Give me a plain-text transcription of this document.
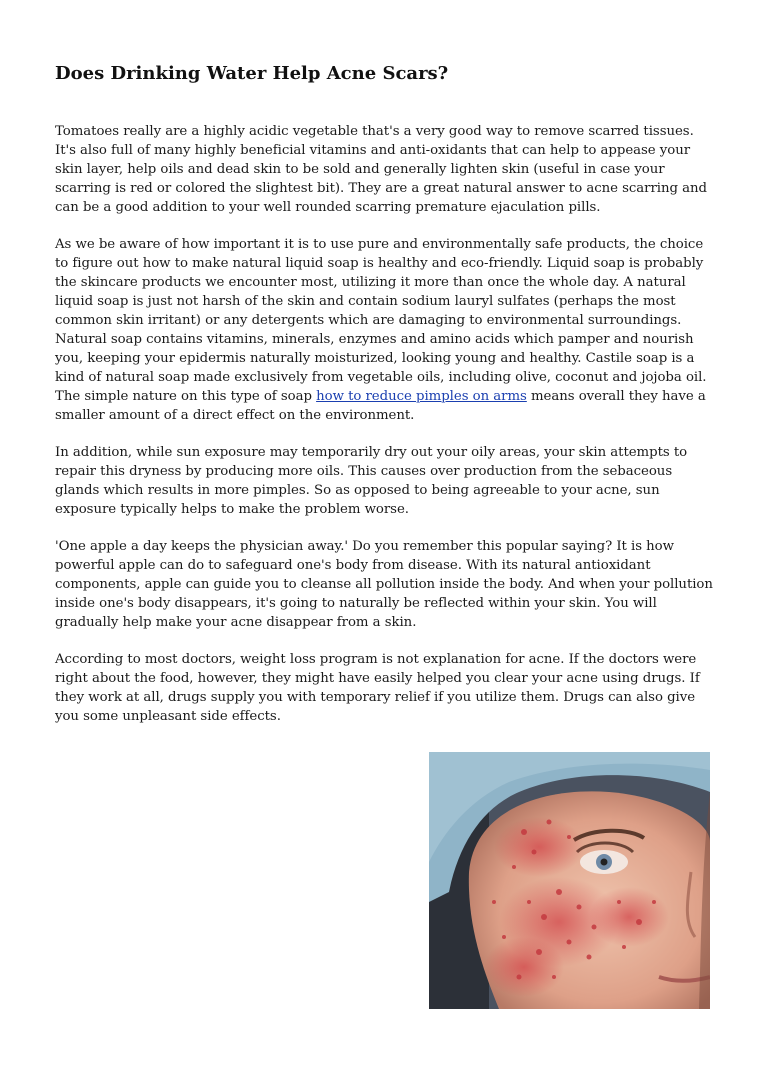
Does Drinking Water Help Acne Scars?

Tomatoes really are a highly acidic vegetable that's a very good way to remove scarred tissues. It's also full of many highly beneficial vitamins and anti-oxidants that can help to appease your skin layer, help oils and dead skin to be sold and generally lighten skin (useful in case your scarring is red or colored the slightest bit). They are a great natural answer to acne scarring and can be a good addition to your well rounded scarring premature ejaculation pills.

As we be aware of how important it is to use pure and environmentally safe products, the choice to figure out how to make natural liquid soap is healthy and eco-friendly. Liquid soap is probably the skincare products we encounter most, utilizing it more than once the whole day. A natural liquid soap is just not harsh of the skin and contain sodium lauryl sulfates (perhaps the most common skin irritant) or any detergents which are damaging to environmental surroundings. Natural soap contains vitamins, minerals, enzymes and amino acids which pamper and nourish you, keeping your epidermis naturally moisturized, looking young and healthy. Castile soap is a kind of natural soap made exclusively from vegetable oils, including olive, coconut and jojoba oil. The simple nature on this type of soap how to reduce pimples on arms means overall they have a smaller amount of a direct effect on the environment.

In addition, while sun exposure may temporarily dry out your oily areas, your skin attempts to repair this dryness by producing more oils. This causes over production from the sebaceous glands which results in more pimples. So as opposed to being agreeable to your acne, sun exposure typically helps to make the problem worse.

'One apple a day keeps the physician away.' Do you remember this popular saying? It is how powerful apple can do to safeguard one's body from disease. With its natural antioxidant components, apple can guide you to cleanse all pollution inside the body. And when your pollution inside one's body disappears, it's going to naturally be reflected within your skin. You will gradually help make your acne disappear from a skin.

According to most doctors, weight loss program is not explanation for acne. If the doctors were right about the food, however, they might have easily helped you clear your acne using drugs. If they work at all, drugs supply you with temporary relief if you utilize them. Drugs can also give you some unpleasant side effects.
